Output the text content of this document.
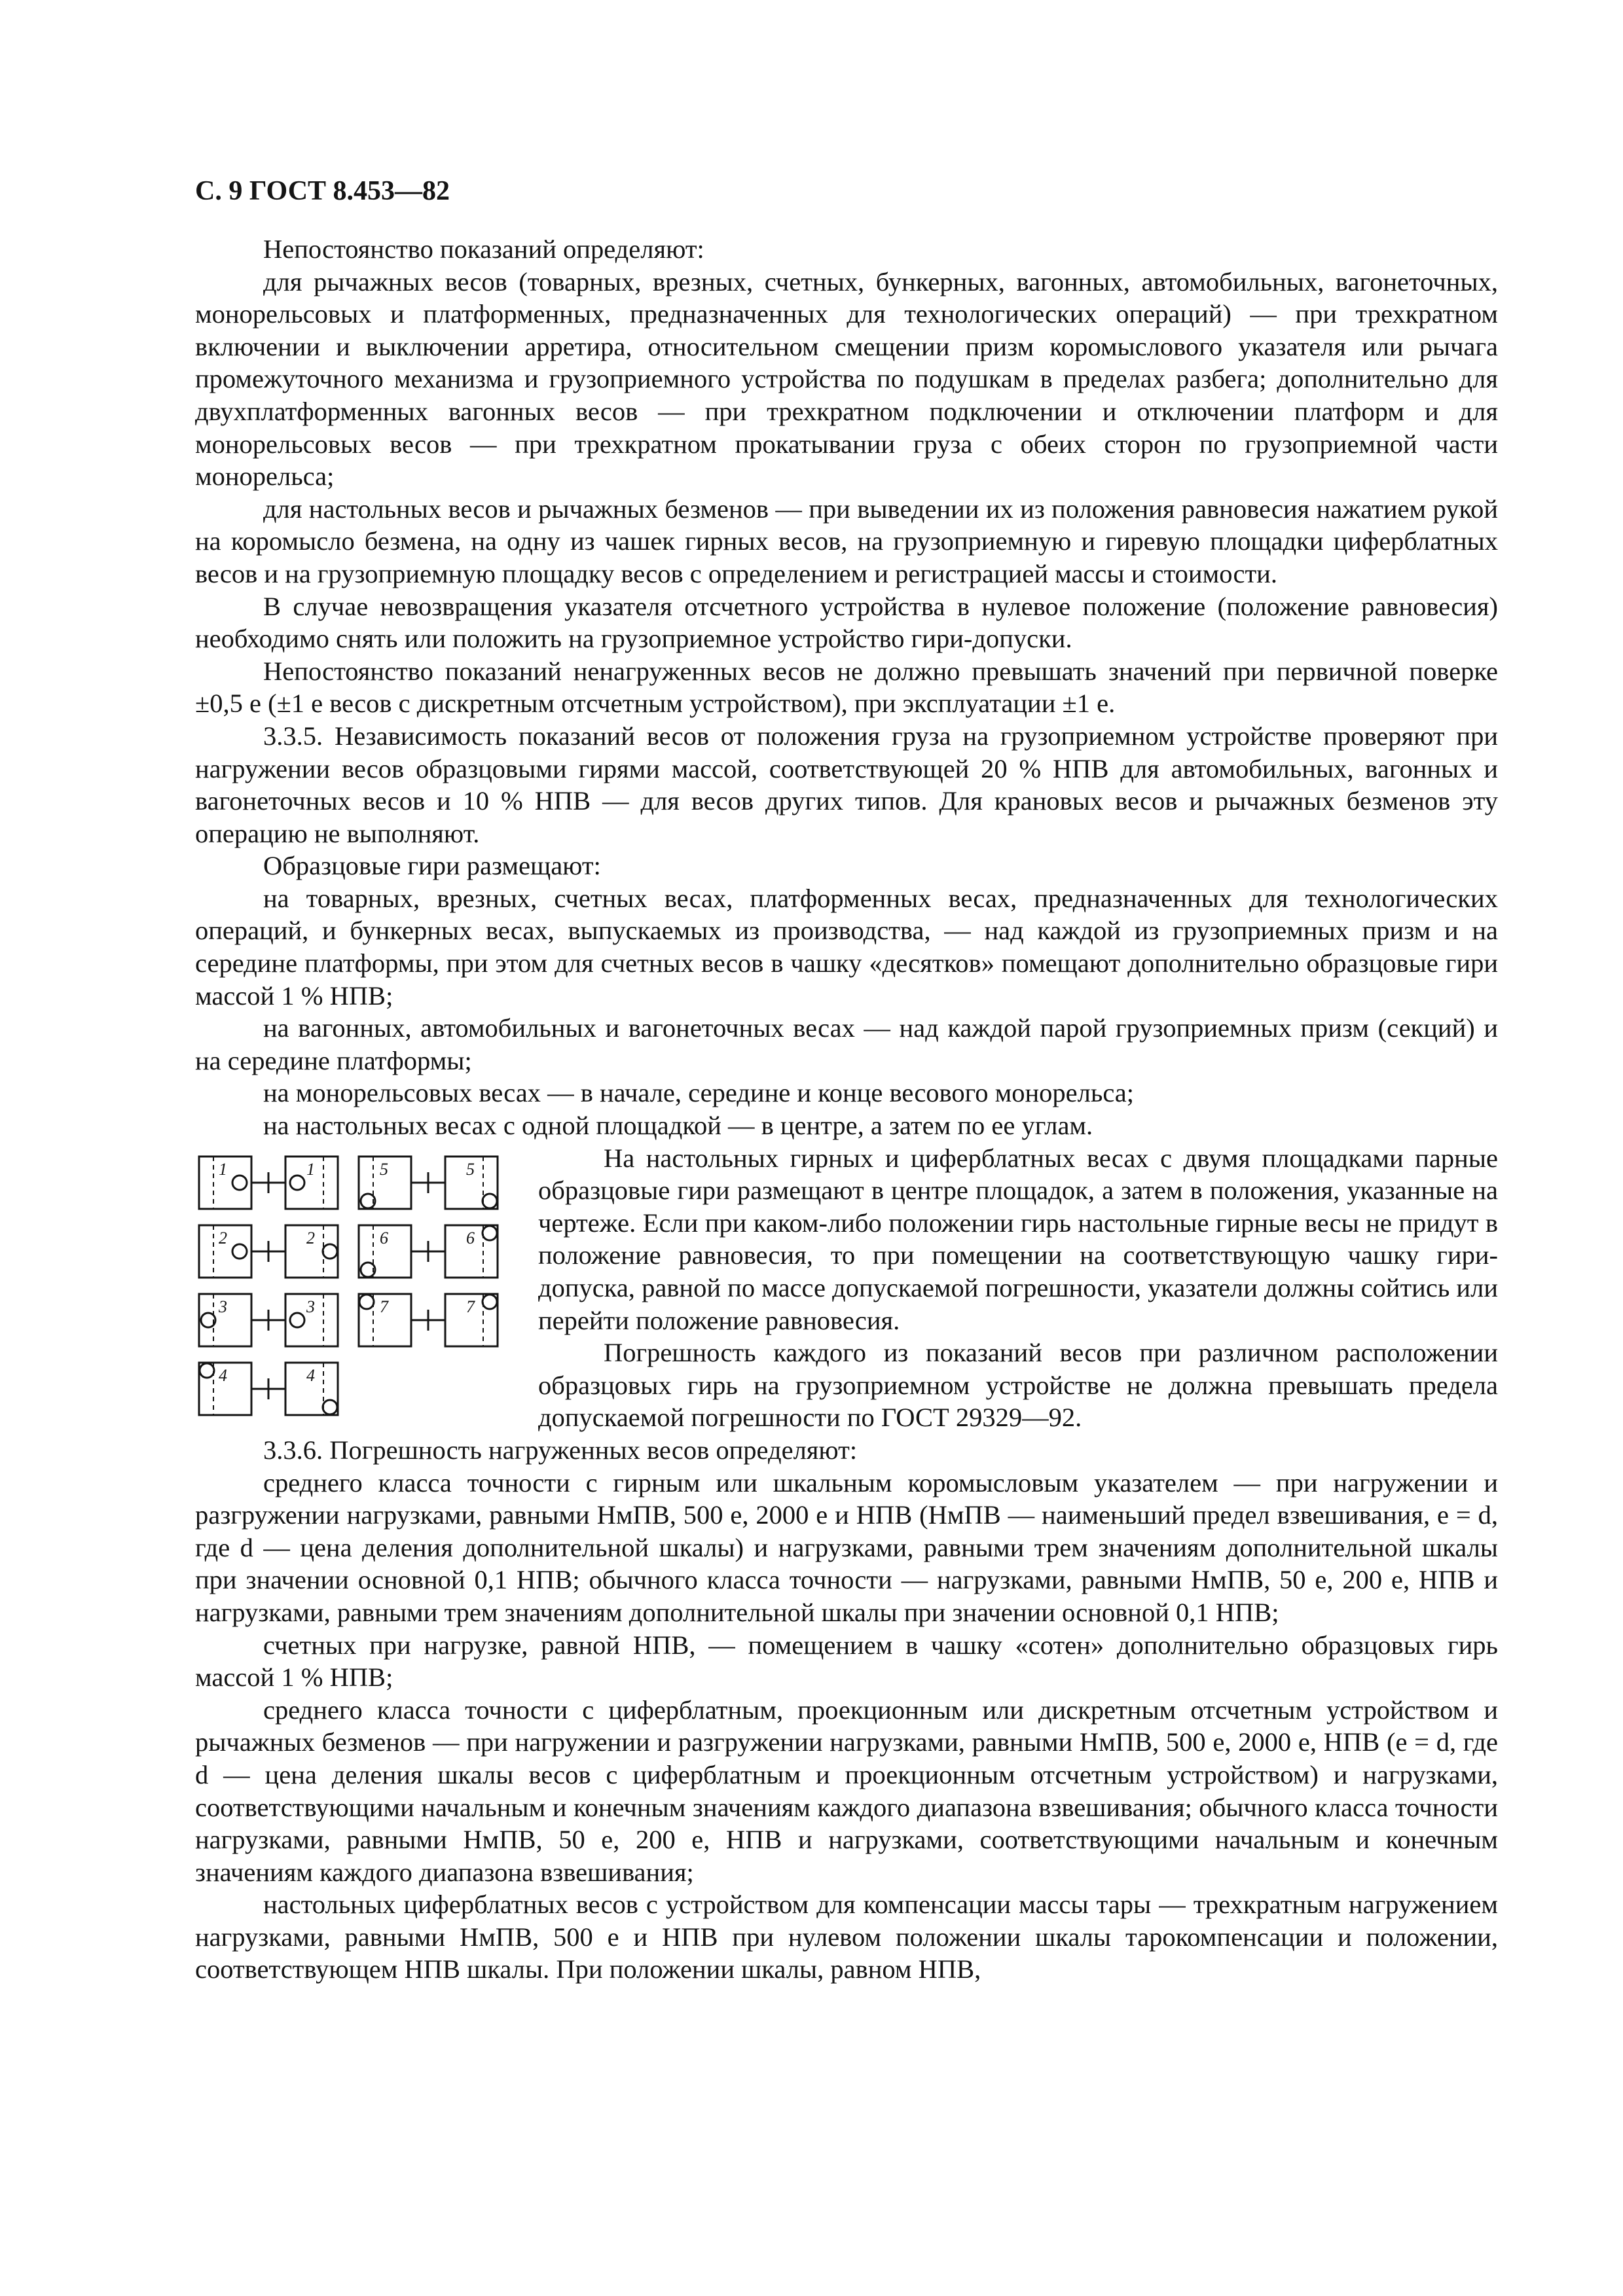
С. 9 ГОСТ 8.453—82

Непостоянство показаний определяют:

для рычажных весов (товарных, врезных, счетных, бункерных, вагонных, автомобильных, вагонеточных, монорельсовых и платформенных, предназначенных для технологических операций) — при трехкратном включении и выключении арретира, относительном смещении призм коромыслового указателя или рычага промежуточного механизма и грузоприемного устройства по подушкам в пределах разбега; дополнительно для двухплатформенных вагонных весов — при трехкратном подключении и отключении платформ и для монорельсовых весов — при трехкратном прокатывании груза с обеих сторон по грузоприемной части монорельса;

для настольных весов и рычажных безменов — при выведении их из положения равновесия нажатием рукой на коромысло безмена, на одну из чашек гирных весов, на грузоприемную и гиревую площадки циферблатных весов и на грузоприемную площадку весов с определением и регистрацией массы и стоимости.

В случае невозвращения указателя отсчетного устройства в нулевое положение (положение равновесия) необходимо снять или положить на грузоприемное устройство гири-допуски.

Непостоянство показаний ненагруженных весов не должно превышать значений при первичной поверке ±0,5 e (±1 e весов с дискретным отсчетным устройством), при эксплуатации ±1 e.

3.3.5. Независимость показаний весов от положения груза на грузоприемном устройстве проверяют при нагружении весов образцовыми гирями массой, соответствующей 20 % НПВ для автомобильных, вагонных и вагонеточных весов и 10 % НПВ — для весов других типов. Для крановых весов и рычажных безменов эту операцию не выполняют.

Образцовые гири размещают:

на товарных, врезных, счетных весах, платформенных весах, предназначенных для технологических операций, и бункерных весах, выпускаемых из производства, — над каждой из грузоприемных призм и на середине платформы, при этом для счетных весов в чашку «десятков» помещают дополнительно образцовые гири массой 1 % НПВ;

на вагонных, автомобильных и вагонеточных весах — над каждой парой грузоприемных призм (секций) и на середине платформы;

на монорельсовых весах — в начале, середине и конце весового монорельса;

на настольных весах с одной площадкой — в центре, а затем по ее углам.

1	1	5	5
2	2	6	6
3	3	7	7
4	4

На настольных гирных и циферблатных весах с двумя площадками парные образцовые гири размещают в центре площадок, а затем в положения, указанные на чертеже. Если при каком-либо положении гирь настольные гирные весы не придут в положение равновесия, то при помещении на соответствующую чашку гири-допуска, равной по массе допускаемой погрешности, указатели должны сойтись или перейти положение равновесия.

Погрешность каждого из показаний весов при различном расположении образцовых гирь на грузоприемном устройстве не должна превышать предела допускаемой погрешности по ГОСТ 29329—92.

3.3.6. Погрешность нагруженных весов определяют:

среднего класса точности с гирным или шкальным коромысловым указателем — при нагружении и разгружении нагрузками, равными НмПВ, 500 e, 2000 e и НПВ (НмПВ — наименьший предел взвешивания, e = d, где d — цена деления дополнительной шкалы) и нагрузками, равными трем значениям дополнительной шкалы при значении основной 0,1 НПВ; обычного класса точности — нагрузками, равными НмПВ, 50 e, 200 e, НПВ и нагрузками, равными трем значениям дополнительной шкалы при значении основной 0,1 НПВ;

счетных при нагрузке, равной НПВ, — помещением в чашку «сотен» дополнительно образцовых гирь массой 1 % НПВ;

среднего класса точности с циферблатным, проекционным или дискретным отсчетным устройством и рычажных безменов — при нагружении и разгружении нагрузками, равными НмПВ, 500 e, 2000 e, НПВ (e = d, где d — цена деления шкалы весов с циферблатным и проекционным отсчетным устройством) и нагрузками, соответствующими начальным и конечным значениям каждого диапазона взвешивания; обычного класса точности нагрузками, равными НмПВ, 50 e, 200 e, НПВ и нагрузками, соответствующими начальным и конечным значениям каждого диапазона взвешивания;

настольных циферблатных весов с устройством для компенсации массы тары — трехкратным нагружением нагрузками, равными НмПВ, 500 e и НПВ при нулевом положении шкалы тарокомпенсации и положении, соответствующем НПВ шкалы. При положении шкалы, равном НПВ,
